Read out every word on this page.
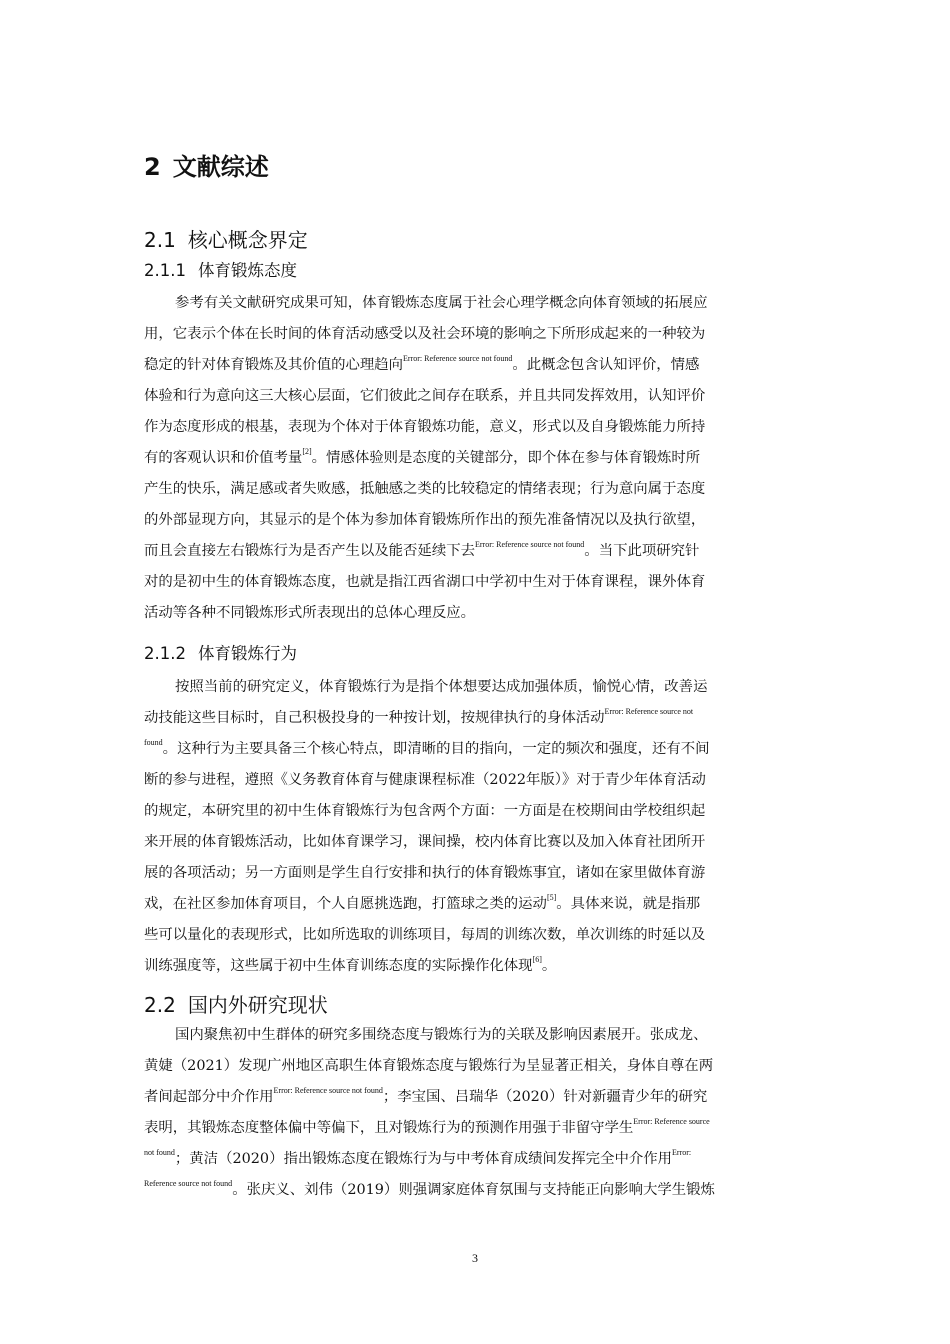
2 文献综述
2.1 核心概念界定
2.1.1 体育锻炼态度
参考有关文献研究成果可知，体育锻炼态度属于社会心理学概念向体育领域的拓展应
用，它表示个体在长时间的体育活动感受以及社会环境的影响之下所形成起来的一种较为
稳定的针对体育锻炼及其价值的心理趋向$^{Error: Reference source not found}$。此概念包含认知评价，情感
体验和行为意向这三大核心层面，它们彼此之间存在联系，并且共同发挥效用，认知评价
作为态度形成的根基，表现为个体对于体育锻炼功能，意义，形式以及自身锻炼能力所持
有的客观认识和价值考量[2]。情感体验则是态度的关键部分，即个体在参与体育锻炼时所
产生的快乐，满足感或者失败感，抵触感之类的比较稳定的情绪表现；行为意向属于态度
的外部显现方向，其显示的是个体为参加体育锻炼所作出的预先准备情况以及执行欲望，
而且会直接左右锻炼行为是否产生以及能否延续下去$^{Error: Reference source not found}$。当下此项研究针
对的是初中生的体育锻炼态度，也就是指江西省湖口中学初中生对于体育课程，课外体育
活动等各种不同锻炼形式所表现出的总体心理反应。
2.1.2 体育锻炼行为
按照当前的研究定义，体育锻炼行为是指个体想要达成加强体质，愉悦心情，改善运
动技能这些目标时，自己积极投身的一种按计划，按规律执行的身体活动$^{Error: Reference source not}$
$^{found}$。这种行为主要具备三个核心特点，即清晰的目的指向，一定的频次和强度，还有不间
断的参与进程，遵照《义务教育体育与健康课程标准（2022年版）》对于青少年体育活动
的规定，本研究里的初中生体育锻炼行为包含两个方面：一方面是在校期间由学校组织起
来开展的体育锻炼活动，比如体育课学习，课间操，校内体育比赛以及加入体育社团所开
展的各项活动；另一方面则是学生自行安排和执行的体育锻炼事宜，诸如在家里做体育游
戏，在社区参加体育项目，个人自愿挑选跑，打篮球之类的运动[5]。具体来说，就是指那
些可以量化的表现形式，比如所选取的训练项目，每周的训练次数，单次训练的时延以及
训练强度等，这些属于初中生体育训练态度的实际操作化体现[6]。
2.2 国内外研究现状
国内聚焦初中生群体的研究多围绕态度与锻炼行为的关联及影响因素展开。张成龙、
黄婕（2021）发现广州地区高职生体育锻炼态度与锻炼行为呈显著正相关，身体自尊在两
者间起部分中介作用$^{Error: Reference source not found}$；李宝国、吕瑞华（2020）针对新疆青少年的研究
表明，其锻炼态度整体偏中等偏下，且对锻炼行为的预测作用强于非留守学生$^{Error: Reference source}$
$^{not found}$；黄洁（2020）指出锻炼态度在锻炼行为与中考体育成绩间发挥完全中介作用$^{Error:}$
$^{Reference source not found}$。张庆义、刘伟（2019）则强调家庭体育氛围与支持能正向影响大学生锻炼
3
